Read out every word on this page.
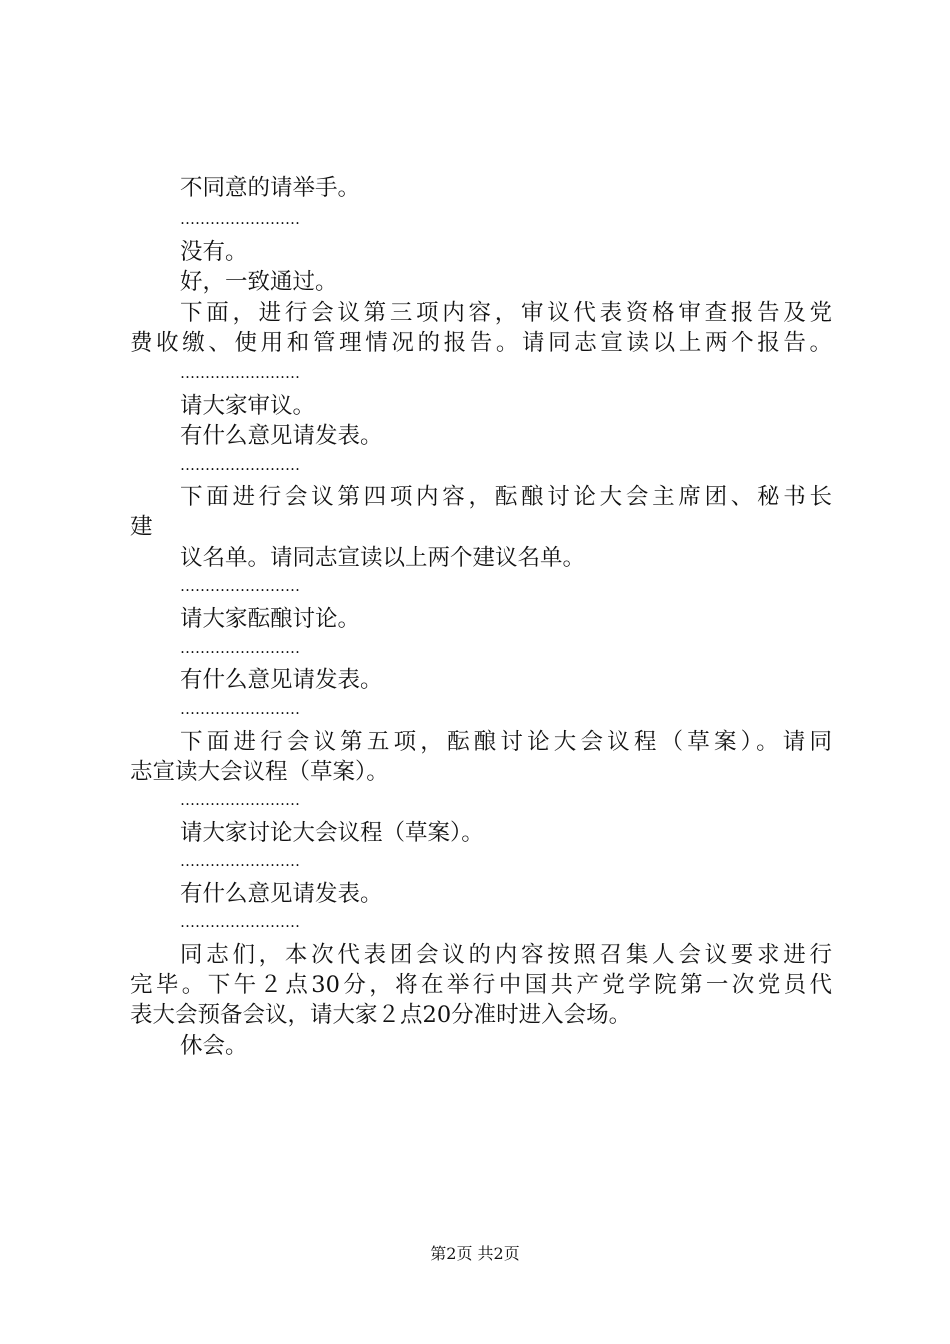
不同意的请举手。
……………………
没有。
好，一致通过。
下面，进行会议第三项内容，审议代表资格审查报告及党
费收缴、使用和管理情况的报告。请同志宣读以上两个报告。
……………………
请大家审议。
有什么意见请发表。
……………………
下面进行会议第四项内容，酝酿讨论大会主席团、秘书长
建
议名单。请同志宣读以上两个建议名单。
……………………
请大家酝酿讨论。
……………………
有什么意见请发表。
……………………
下面进行会议第五项，酝酿讨论大会议程（草案）。请同
志宣读大会议程（草案）。
……………………
请大家讨论大会议程（草案）。
……………………
有什么意见请发表。
……………………
同志们，本次代表团会议的内容按照召集人会议要求进行
完毕。下午２点30分，将在举行中国共产党学院第一次党员代
表大会预备会议，请大家２点20分准时进入会场。
休会。
第2页 共2页
